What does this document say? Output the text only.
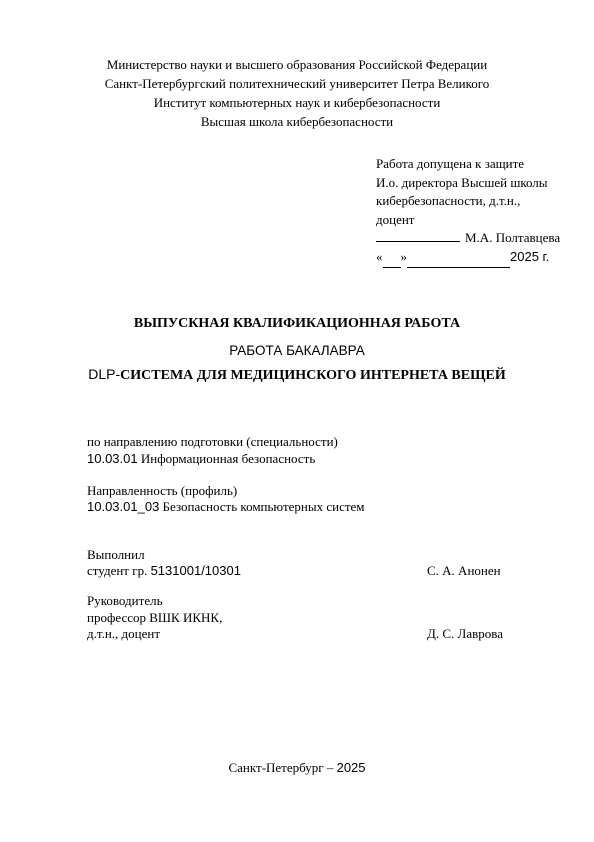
Министерство науки и высшего образования Российской Федерации
Санкт-Петербургский политехнический университет Петра Великого
Институт компьютерных наук и кибербезопасности
Высшая школа кибербезопасности
Работа допущена к защите
И.о. директора Высшей школы
кибербезопасности, д.т.н.,
доцент
М.А. Полтавцева
« »	2025 г.
ВЫПУСКНАЯ КВАЛИФИКАЦИОННАЯ РАБОТА
РАБОТА БАКАЛАВРА
DLP-СИСТЕМА ДЛЯ МЕДИЦИНСКОГО ИНТЕРНЕТА ВЕЩЕЙ
по направлению подготовки (специальности)
10.03.01 Информационная безопасность
Направленность (профиль)
10.03.01_03 Безопасность компьютерных систем
Выполнил
студент гр. 5131001/10301	С. А. Анонен
Руководитель
профессор ВШК ИКНК,
д.т.н., доцент	Д. С. Лаврова
Санкт-Петербург – 2025
